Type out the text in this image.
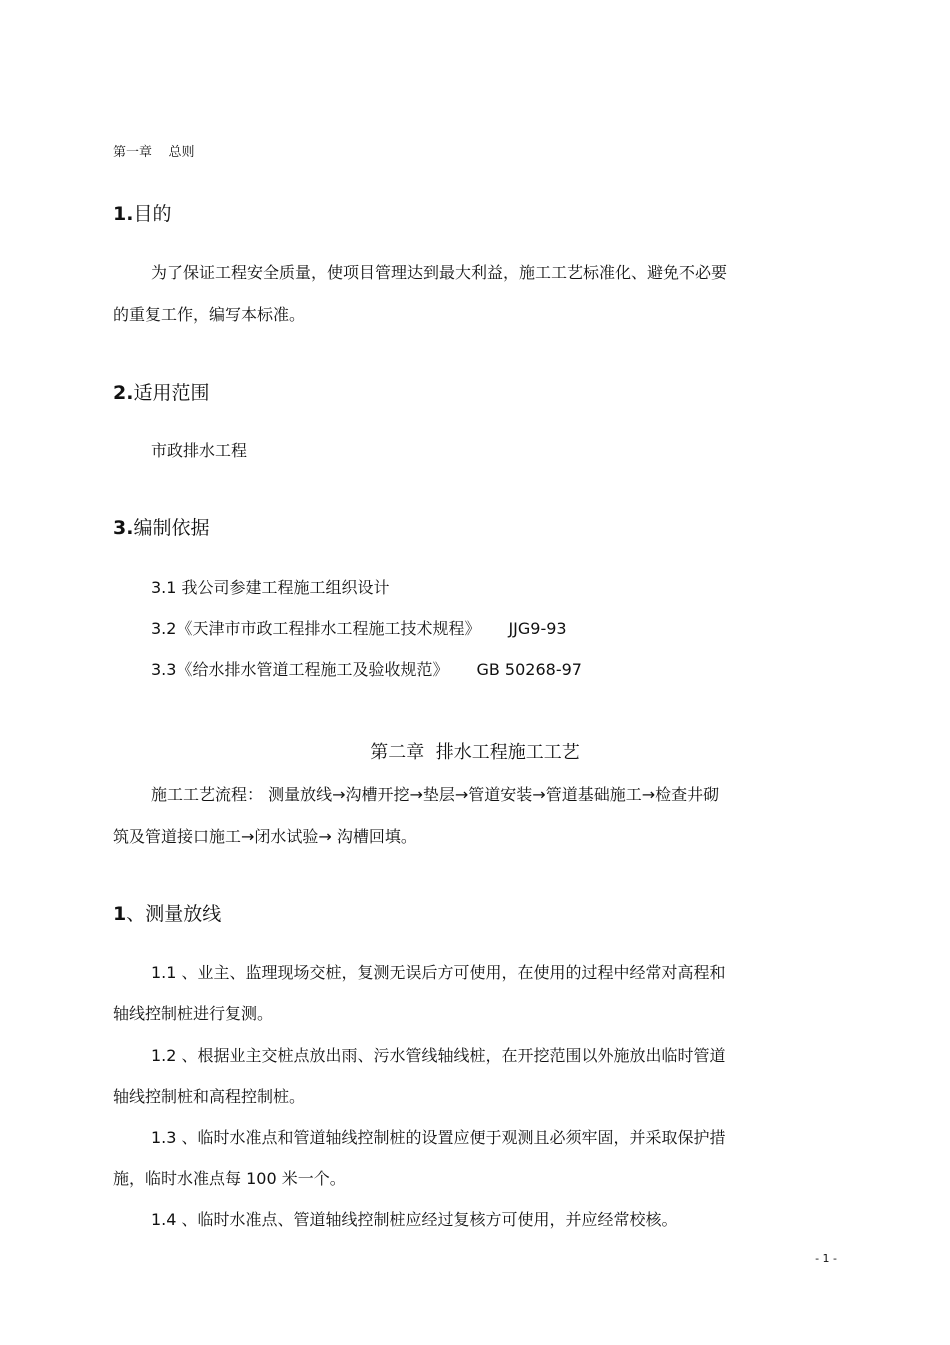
第一章 总则
1.目的
为了保证工程安全质量，使项目管理达到最大利益，施工工艺标准化、避免不必要
的重复工作，编写本标准。
2.适用范围
市政排水工程
3.编制依据
3.1 我公司参建工程施工组织设计
3.2《天津市市政工程排水工程施工技术规程》 JJG9-93
3.3《给水排水管道工程施工及验收规范》 GB 50268-97
第二章 排水工程施工工艺
施工工艺流程： 测量放线→沟槽开挖→垫层→管道安装→管道基础施工→检查井砌
筑及管道接口施工→闭水试验→ 沟槽回填。
1、测量放线
1.1 、业主、监理现场交桩，复测无误后方可使用，在使用的过程中经常对高程和
轴线控制桩进行复测。
1.2 、根据业主交桩点放出雨、污水管线轴线桩，在开挖范围以外施放出临时管道
轴线控制桩和高程控制桩。
1.3 、临时水准点和管道轴线控制桩的设置应便于观测且必须牢固，并采取保护措
施，临时水准点每 100 米一个。
1.4 、临时水准点、管道轴线控制桩应经过复核方可使用，并应经常校核。
- 1 -
